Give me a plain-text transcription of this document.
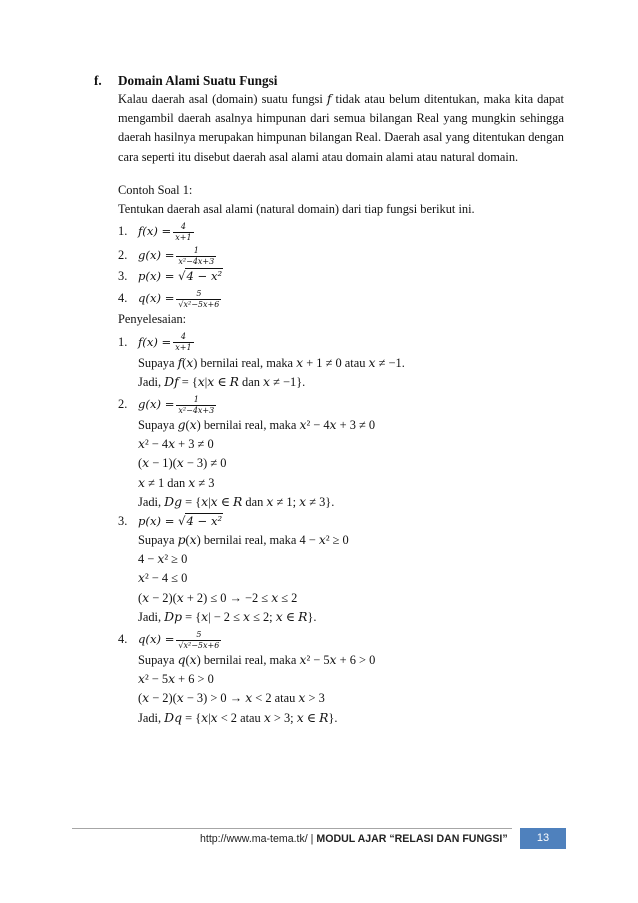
f. Domain Alami Suatu Fungsi
Kalau daerah asal (domain) suatu fungsi 𝑓 tidak atau belum ditentukan, maka kita dapat mengambil daerah asalnya himpunan dari semua bilangan Real yang mungkin sehingga daerah hasilnya merupakan himpunan bilangan Real. Daerah asal yang ditentukan dengan cara seperti itu disebut daerah asal alami atau domain alami atau natural domain.
Contoh Soal 1:
Tentukan daerah asal alami (natural domain) dari tiap fungsi berikut ini.
1. 𝑓(𝑥) = $\frac{4}{x+1}$
2. 𝑔(𝑥) = $\frac{1}{\text{x²−4x+3}}$
3. 𝑝(𝑥) = √4 − 𝑥²
4. 𝑞(𝑥) = $\frac{5}{\text{√x²−5x+6}}$
Penyelesaian:
1. 𝑓(𝑥) = $\frac{4}{x+1}$
Supaya 𝑓(𝑥) bernilai real, maka 𝑥 + 1 ≠ 0 atau 𝑥 ≠ −1.
Jadi, 𝐷𝑓 = {𝑥|𝑥 ∈ 𝑅 dan 𝑥 ≠ −1}.
2. 𝑔(𝑥) = $\frac{1}{\text{x²−4x+3}}$
Supaya 𝑔(𝑥) bernilai real, maka 𝑥² − 4𝑥 + 3 ≠ 0
𝑥² − 4𝑥 + 3 ≠ 0
(𝑥 − 1)(𝑥 − 3) ≠ 0
𝑥 ≠ 1 dan 𝑥 ≠ 3
Jadi, 𝐷𝑔 = {𝑥|𝑥 ∈ 𝑅 dan 𝑥 ≠ 1; 𝑥 ≠ 3}.
3. 𝑝(𝑥) = √4 − 𝑥²
Supaya 𝑝(𝑥) bernilai real, maka 4 − 𝑥² ≥ 0
4 − 𝑥² ≥ 0
𝑥² − 4 ≤ 0
(𝑥 − 2)(𝑥 + 2) ≤ 0 → −2 ≤ 𝑥 ≤ 2
Jadi, 𝐷𝑝 = {𝑥| − 2 ≤ 𝑥 ≤ 2; 𝑥 ∈ 𝑅}.
4. 𝑞(𝑥) = $\frac{5}{\text{√x²−5x+6}}$
Supaya 𝑞(𝑥) bernilai real, maka 𝑥² − 5𝑥 + 6 > 0
𝑥² − 5𝑥 + 6 > 0
(𝑥 − 2)(𝑥 − 3) > 0 → 𝑥 < 2 atau 𝑥 > 3
Jadi, 𝐷𝑞 = {𝑥|𝑥 < 2 atau 𝑥 > 3; 𝑥 ∈ 𝑅}.
http://www.ma-tema.tk/ | MODUL AJAR “RELASI DAN FUNGSI”	13
